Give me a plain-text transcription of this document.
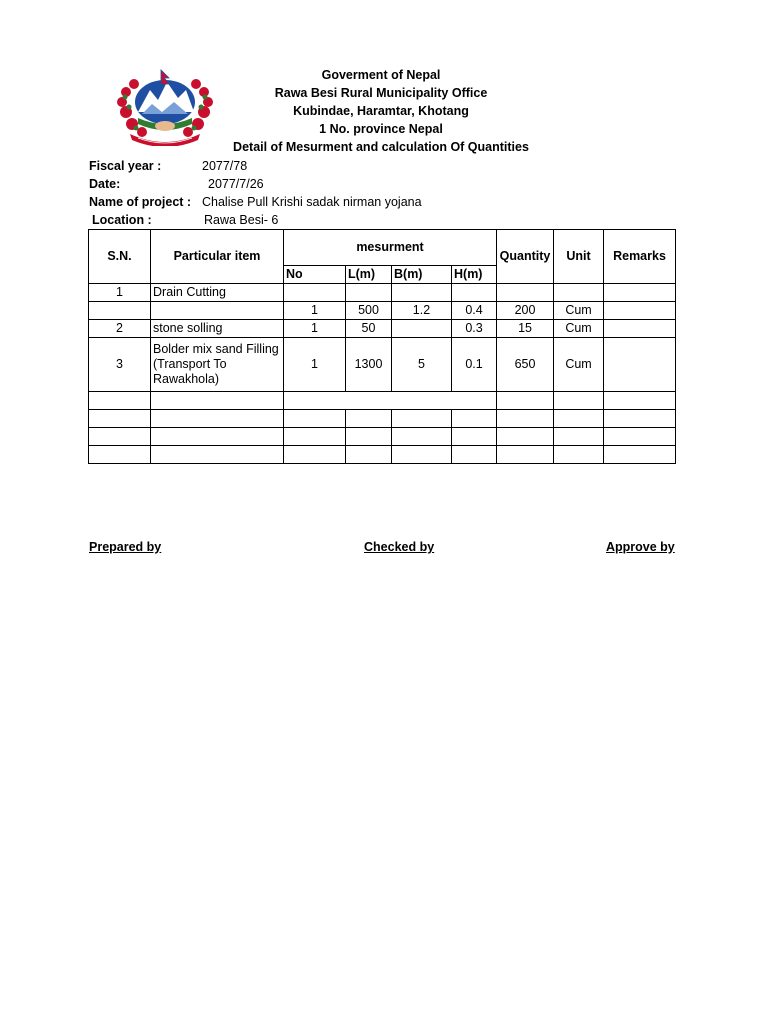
Goverment of Nepal
Rawa Besi Rural Municipality Office
Kubindae, Haramtar, Khotang
1 No. province Nepal
Detail of Mesurment and calculation Of Quantities
Fiscal year :	2077/78
Date:	2077/7/26
Name of project : Chalise Pull Krishi sadak nirman yojana
Location :	Rawa Besi- 6
S.N.	Particular item	mesurment				Quantity	Unit	Remarks
		No	L(m)	B(m)	H(m)			
1	Drain Cutting							
		1	500	1.2	0.4	200	Cum	
2	stone solling	1	50		0.3	15	Cum	
3	Bolder mix sand Filling (Transport To Rawakhola)	1	1300	5	0.1	650	Cum	

Prepared by	Checked by	Approve by
